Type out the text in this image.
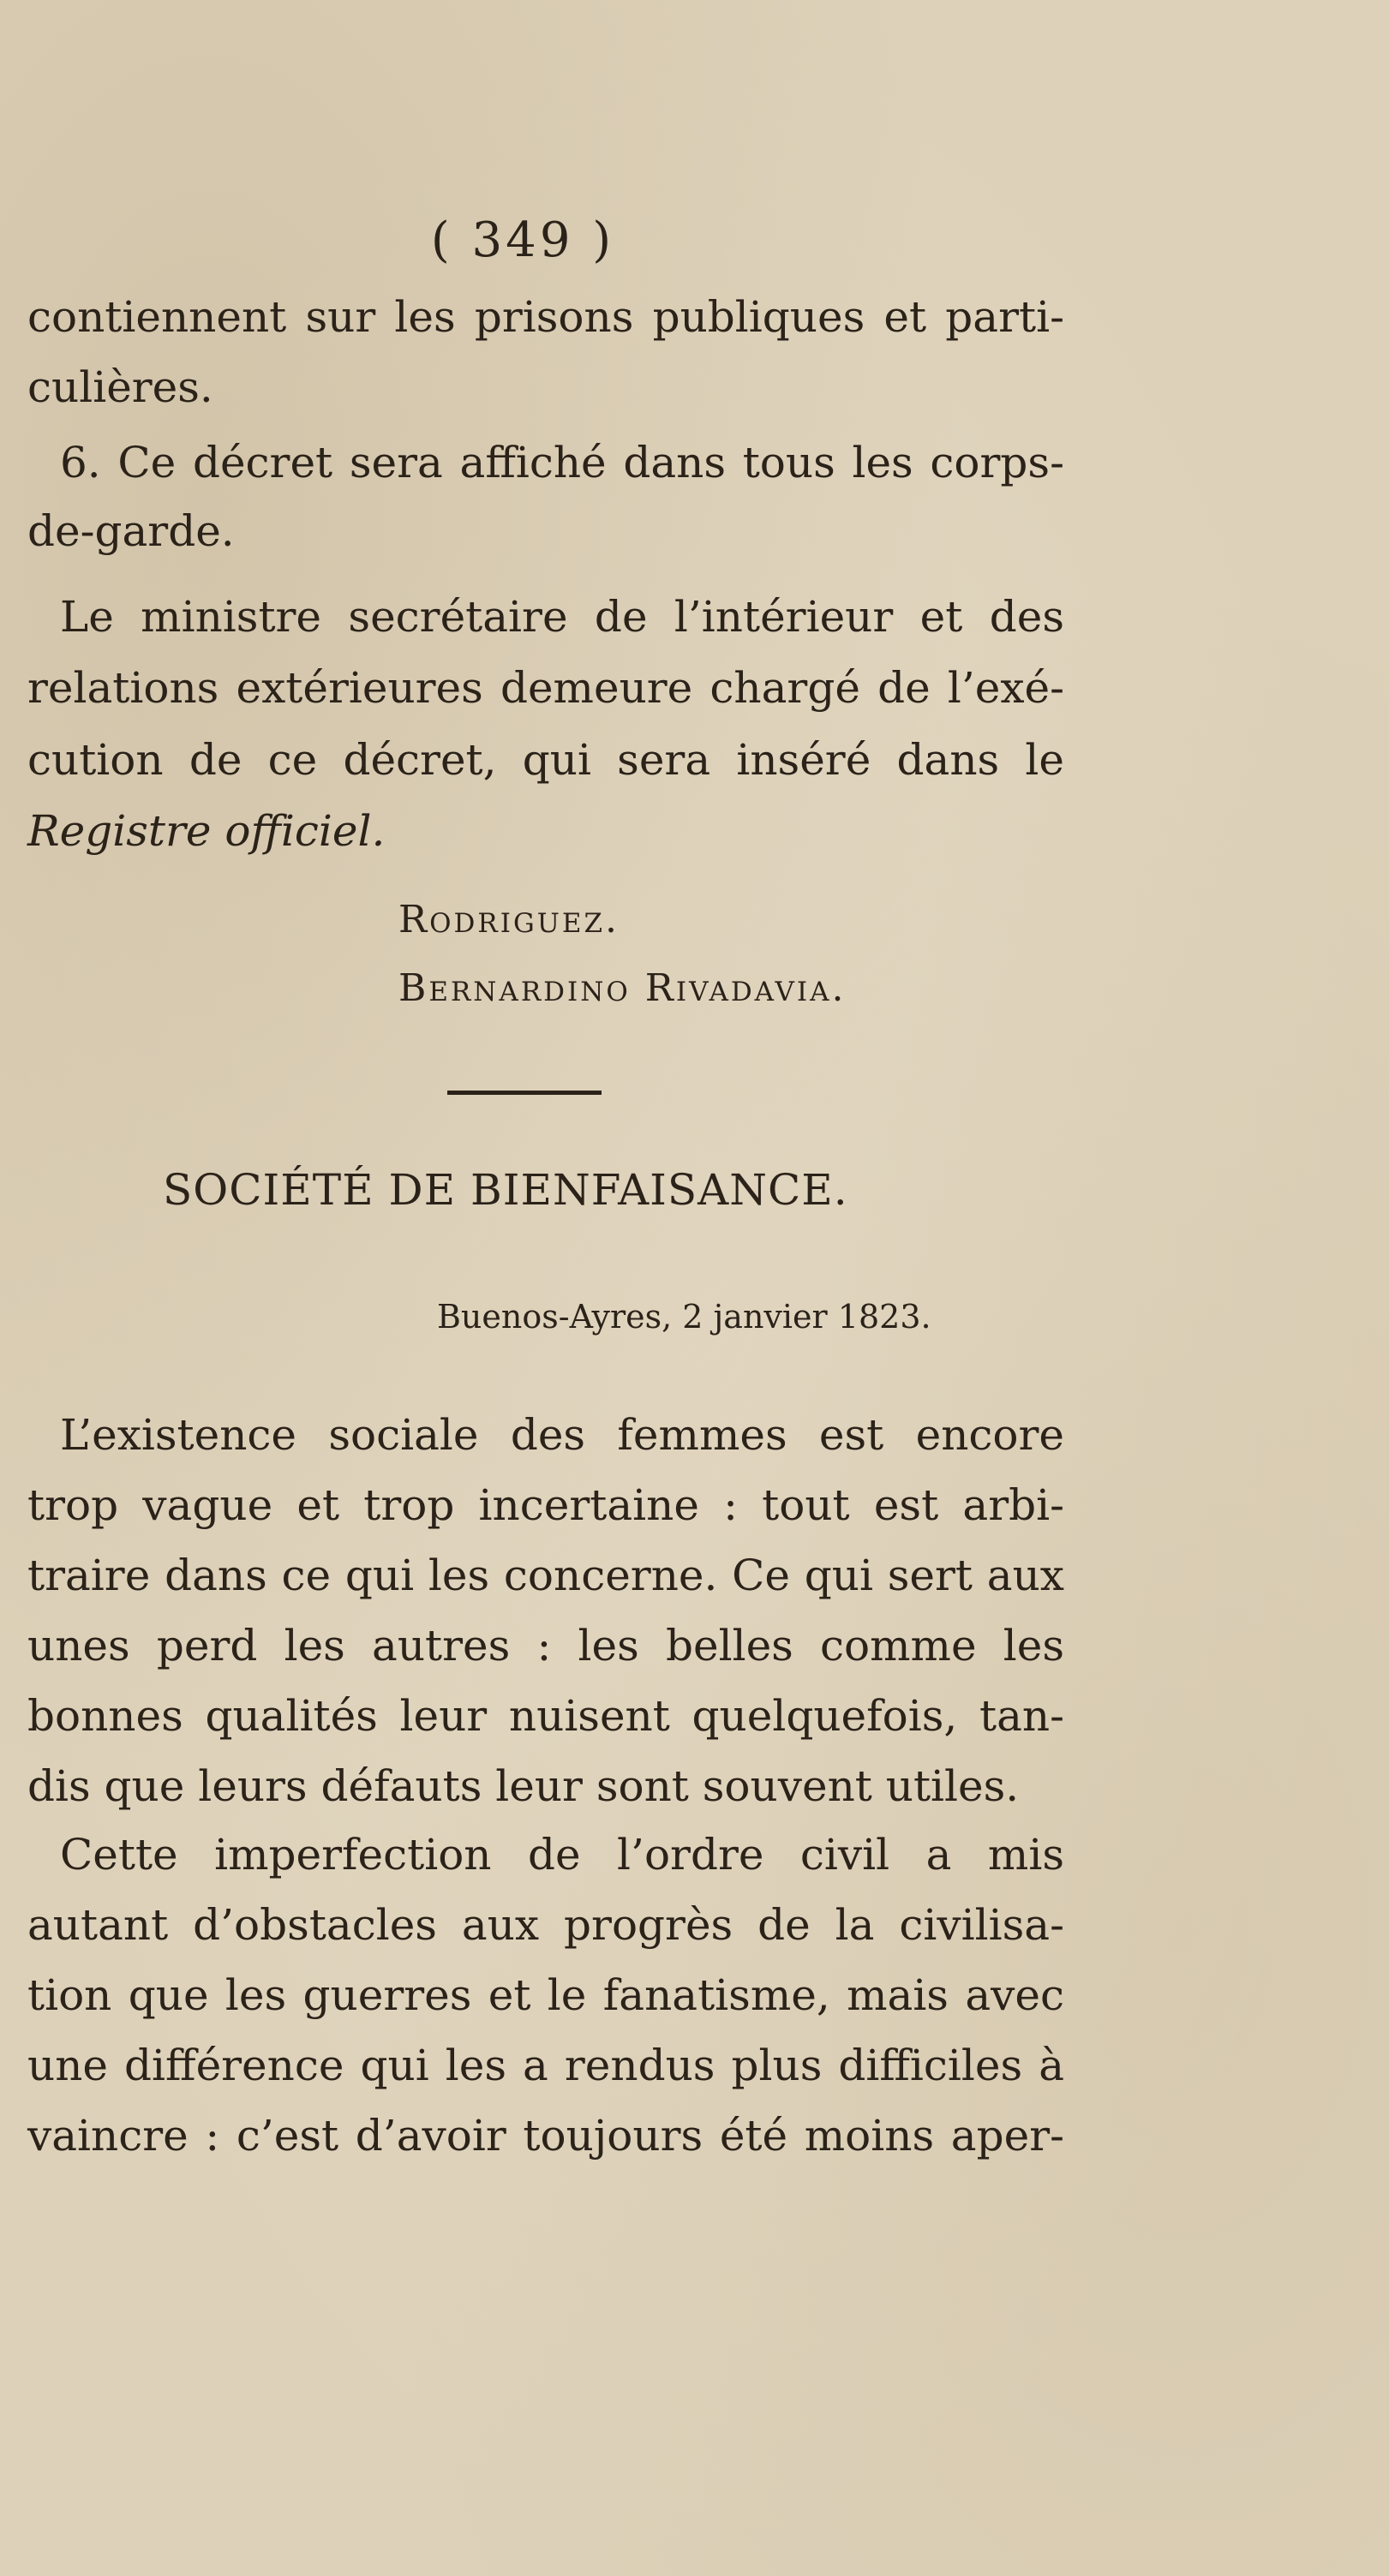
( 349 )
contiennent sur les prisons publiques et parti-
culières.
6. Ce décret sera affiché dans tous les corps-
de-garde.
Le ministre secrétaire de l’intérieur et des
relations extérieures demeure chargé de l’exé-
cution de ce décret, qui sera inséré dans le
Registre officiel.
Rodriguez.
Bernardino Rivadavia.
SOCIÉTÉ DE BIENFAISANCE.
Buenos-Ayres, 2 janvier 1823.
L’existence sociale des femmes est encore
trop vague et trop incertaine : tout est arbi-
traire dans ce qui les concerne. Ce qui sert aux
unes perd les autres : les belles comme les
bonnes qualités leur nuisent quelquefois, tan-
dis que leurs défauts leur sont souvent utiles.
Cette imperfection de l’ordre civil a mis
autant d’obstacles aux progrès de la civilisa-
tion que les guerres et le fanatisme, mais avec
une différence qui les a rendus plus difficiles à
vaincre : c’est d’avoir toujours été moins aper-
